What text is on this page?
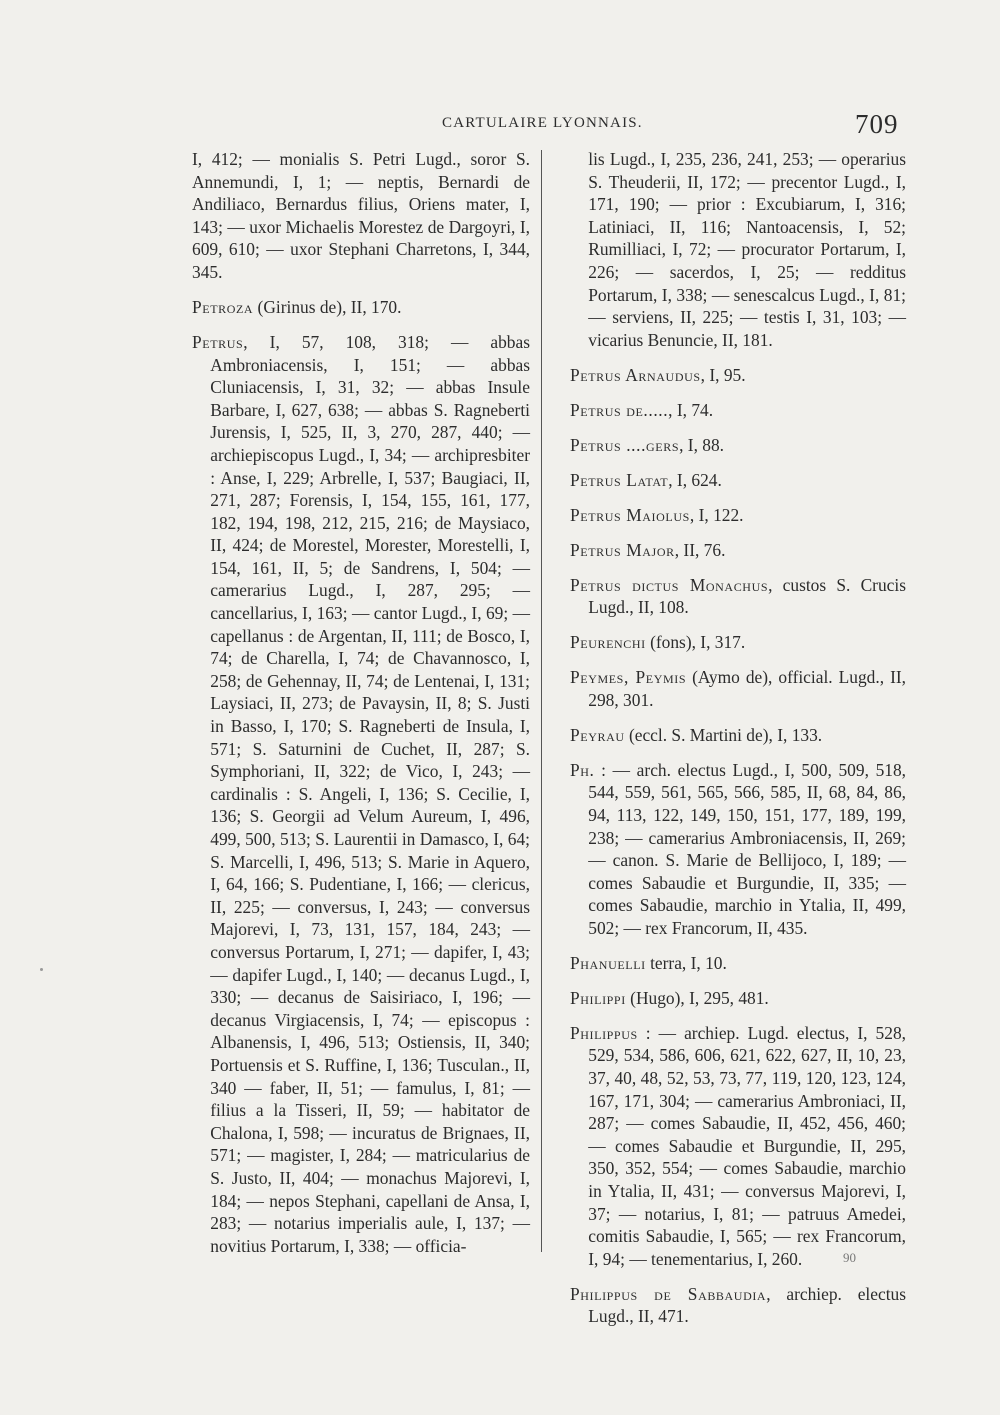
CARTULAIRE LYONNAIS.	709

I, 412; — monialis S. Petri Lugd., soror S. Annemundi, I, 1; — neptis, Bernardi de Andiliaco, Bernardus filius, Oriens mater, I, 143; — uxor Michaelis Morestez de Dargoyri, I, 609, 610; — uxor Stephani Charretons, I, 344, 345.

Petroza (Girinus de), II, 170.

Petrus, I, 57, 108, 318; — abbas Ambroniacensis, I, 151; — abbas Cluniacensis, I, 31, 32; — abbas Insule Barbare, I, 627, 638; — abbas S. Ragneberti Jurensis, I, 525, II, 3, 270, 287, 440; — archiepiscopus Lugd., I, 34; — archipresbiter : Anse, I, 229; Arbrelle, I, 537; Baugiaci, II, 271, 287; Forensis, I, 154, 155, 161, 177, 182, 194, 198, 212, 215, 216; de Maysiaco, II, 424; de Morestel, Morester, Morestelli, I, 154, 161, II, 5; de Sandrens, I, 504; — camerarius Lugd., I, 287, 295; — cancellarius, I, 163; — cantor Lugd., I, 69; — capellanus : de Argentan, II, 111; de Bosco, I, 74; de Charella, I, 74; de Chavannosco, I, 258; de Gehennay, II, 74; de Lentenai, I, 131; Laysiaci, II, 273; de Pavaysin, II, 8; S. Justi in Basso, I, 170; S. Ragneberti de Insula, I, 571; S. Saturnini de Cuchet, II, 287; S. Symphoriani, II, 322; de Vico, I, 243; — cardinalis : S. Angeli, I, 136; S. Cecilie, I, 136; S. Georgii ad Velum Aureum, I, 496, 499, 500, 513; S. Laurentii in Damasco, I, 64; S. Marcelli, I, 496, 513; S. Marie in Aquero, I, 64, 166; S. Pudentiane, I, 166; — clericus, II, 225; — conversus, I, 243; — conversus Majorevi, I, 73, 131, 157, 184, 243; — conversus Portarum, I, 271; — dapifer, I, 43; — dapifer Lugd., I, 140; — decanus Lugd., I, 330; — decanus de Saisiriaco, I, 196; — decanus Virgiacensis, I, 74; — episcopus : Albanensis, I, 496, 513; Ostiensis, II, 340; Portuensis et S. Ruffine, I, 136; Tusculan., II, 340 — faber, II, 51; — famulus, I, 81; — filius a la Tisseri, II, 59; — habitator de Chalona, I, 598; — incuratus de Brignaes, II, 571; — magister, I, 284; — matricularius de S. Justo, II, 404; — monachus Majorevi, I, 184; — nepos Stephani, capellani de Ansa, I, 283; — notarius imperialis aule, I, 137; — novitius Portarum, I, 338; — officia-

lis Lugd., I, 235, 236, 241, 253; — operarius S. Theuderii, II, 172; — precentor Lugd., I, 171, 190; — prior : Excubiarum, I, 316; Latiniaci, II, 116; Nantoacensis, I, 52; Rumilliaci, I, 72; — procurator Portarum, I, 226; — sacerdos, I, 25; — redditus Portarum, I, 338; — senescalcus Lugd., I, 81; — serviens, II, 225; — testis I, 31, 103; — vicarius Benuncie, II, 181.

Petrus Arnaudus, I, 95.

Petrus de....., I, 74.

Petrus ....gers, I, 88.

Petrus Latat, I, 624.

Petrus Maiolus, I, 122.

Petrus Major, II, 76.

Petrus dictus Monachus, custos S. Crucis Lugd., II, 108.

Peurenchi (fons), I, 317.

Peymes, Peymis (Aymo de), official. Lugd., II, 298, 301.

Peyrau (eccl. S. Martini de), I, 133.

Ph. : — arch. electus Lugd., I, 500, 509, 518, 544, 559, 561, 565, 566, 585, II, 68, 84, 86, 94, 113, 122, 149, 150, 151, 177, 189, 199, 238; — camerarius Ambroniacensis, II, 269; — canon. S. Marie de Bellijoco, I, 189; — comes Sabaudie et Burgundie, II, 335; — comes Sabaudie, marchio in Ytalia, II, 499, 502; — rex Francorum, II, 435.

Phanuelli terra, I, 10.

Philippi (Hugo), I, 295, 481.

Philippus : — archiep. Lugd. electus, I, 528, 529, 534, 586, 606, 621, 622, 627, II, 10, 23, 37, 40, 48, 52, 53, 73, 77, 119, 120, 123, 124, 167, 171, 304; — camerarius Ambroniaci, II, 287; — comes Sabaudie, II, 452, 456, 460; — comes Sabaudie et Burgundie, II, 295, 350, 352, 554; — comes Sabaudie, marchio in Ytalia, II, 431; — conversus Majorevi, I, 37; — notarius, I, 81; — patruus Amedei, comitis Sabaudie, I, 565; — rex Francorum, I, 94; — tenementarius, I, 260.

Philippus de Sabbaudia, archiep. electus Lugd., II, 471.

90
